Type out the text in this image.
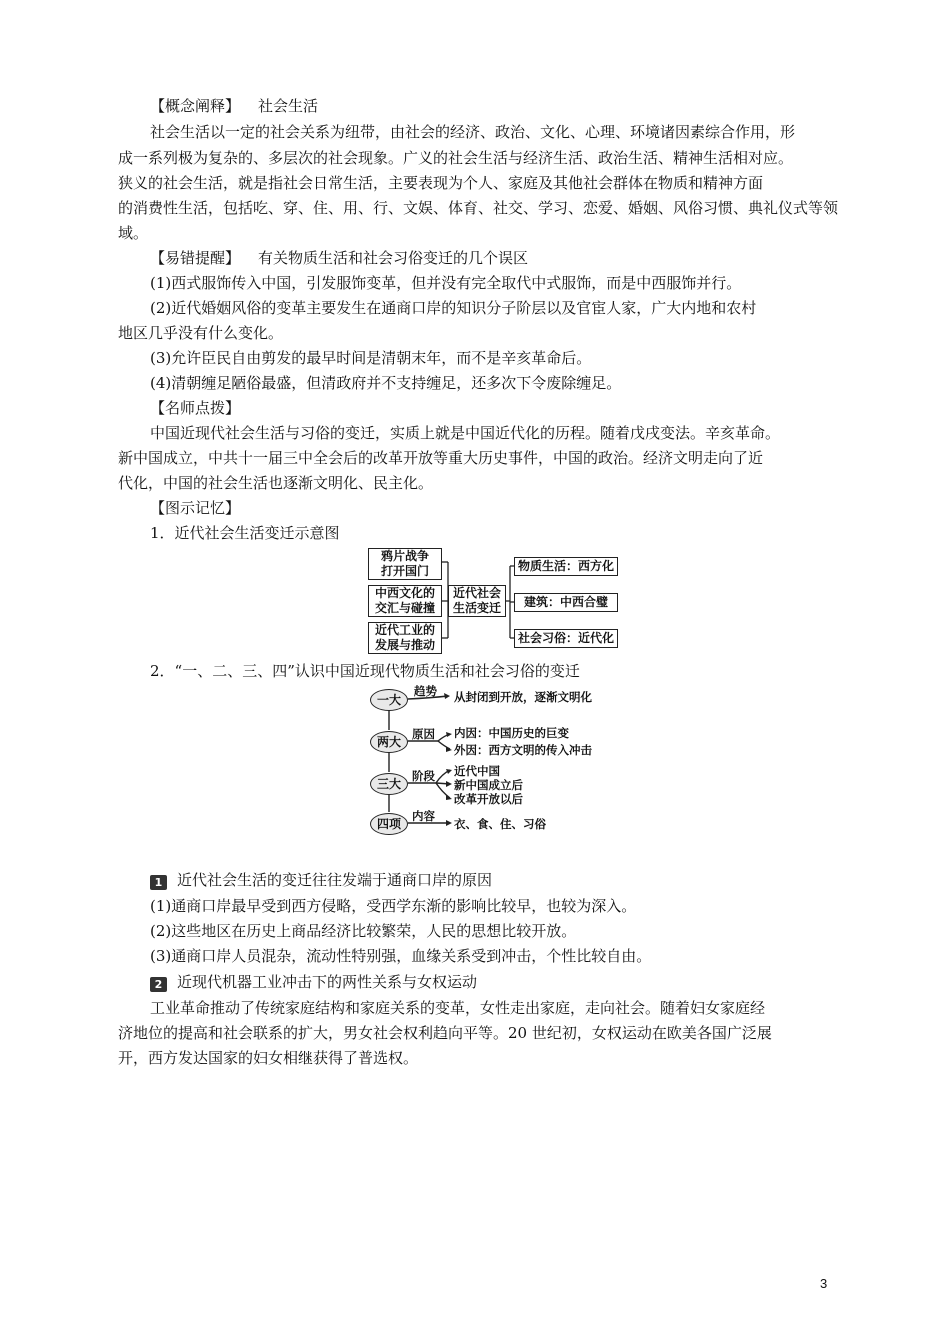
【概念阐释】 社会生活
社会生活以一定的社会关系为纽带，由社会的经济、政治、文化、心理、环境诸因素综合作用，形
成一系列极为复杂的、多层次的社会现象。广义的社会生活与经济生活、政治生活、精神生活相对应。
狭义的社会生活，就是指社会日常生活，主要表现为个人、家庭及其他社会群体在物质和精神方面
的消费性生活，包括吃、穿、住、用、行、文娱、体育、社交、学习、恋爱、婚姻、风俗习惯、典礼仪式等领
域。
【易错提醒】 有关物质生活和社会习俗变迁的几个误区
(1)西式服饰传入中国，引发服饰变革，但并没有完全取代中式服饰，而是中西服饰并行。
(2)近代婚姻风俗的变革主要发生在通商口岸的知识分子阶层以及官宦人家，广大内地和农村
地区几乎没有什么变化。
(3)允许臣民自由剪发的最早时间是清朝末年，而不是辛亥革命后。
(4)清朝缠足陋俗最盛，但清政府并不支持缠足，还多次下令废除缠足。
【名师点拨】
中国近现代社会生活与习俗的变迁，实质上就是中国近代化的历程。随着戊戌变法。辛亥革命。
新中国成立，中共十一届三中全会后的改革开放等重大历史事件，中国的政治。经济文明走向了近
代化，中国的社会生活也逐渐文明化、民主化。
【图示记忆】
1．近代社会生活变迁示意图
鸦片战争
打开国门
中西文化的
交汇与碰撞
近代工业的
发展与推动
近代社会
生活变迁
物质生活：西方化
建筑：中西合璧
社会习俗：近代化
2．“一、二、三、四”认识中国近现代物质生活和社会习俗的变迁
一大
两大
三大
四项
趋势
原因
阶段
内容
从封闭到开放，逐渐文明化
内因：中国历史的巨变
外因：西方文明的传入冲击
近代中国
新中国成立后
改革开放以后
衣、食、住、习俗
1 近代社会生活的变迁往往发端于通商口岸的原因
(1)通商口岸最早受到西方侵略，受西学东渐的影响比较早，也较为深入。
(2)这些地区在历史上商品经济比较繁荣，人民的思想比较开放。
(3)通商口岸人员混杂，流动性特别强，血缘关系受到冲击，个性比较自由。
2 近现代机器工业冲击下的两性关系与女权运动
工业革命推动了传统家庭结构和家庭关系的变革，女性走出家庭，走向社会。随着妇女家庭经
济地位的提高和社会联系的扩大，男女社会权利趋向平等。20 世纪初，女权运动在欧美各国广泛展
开，西方发达国家的妇女相继获得了普选权。
3
